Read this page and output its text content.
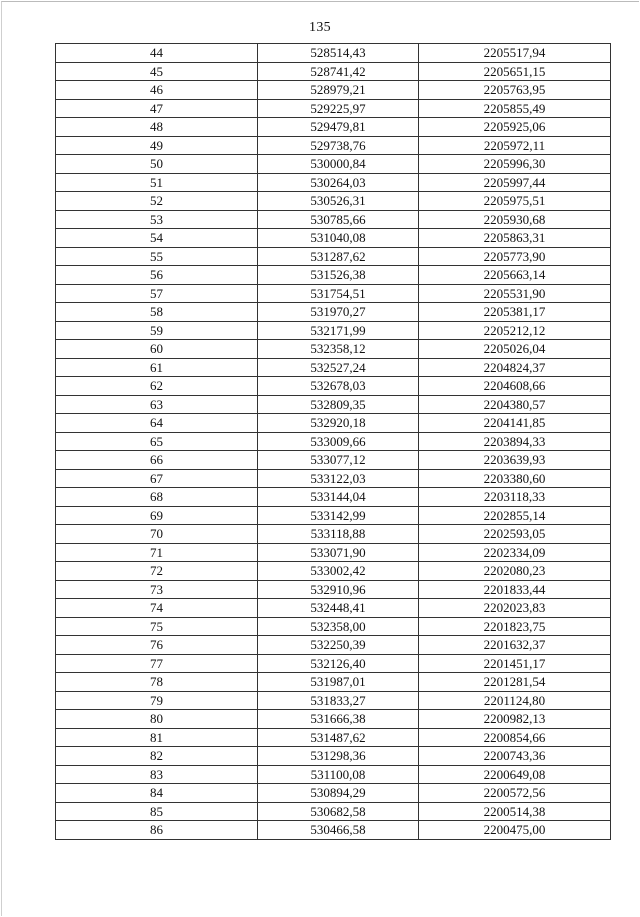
135
44	528514,43	2205517,94
45	528741,42	2205651,15
46	528979,21	2205763,95
47	529225,97	2205855,49
48	529479,81	2205925,06
49	529738,76	2205972,11
50	530000,84	2205996,30
51	530264,03	2205997,44
52	530526,31	2205975,51
53	530785,66	2205930,68
54	531040,08	2205863,31
55	531287,62	2205773,90
56	531526,38	2205663,14
57	531754,51	2205531,90
58	531970,27	2205381,17
59	532171,99	2205212,12
60	532358,12	2205026,04
61	532527,24	2204824,37
62	532678,03	2204608,66
63	532809,35	2204380,57
64	532920,18	2204141,85
65	533009,66	2203894,33
66	533077,12	2203639,93
67	533122,03	2203380,60
68	533144,04	2203118,33
69	533142,99	2202855,14
70	533118,88	2202593,05
71	533071,90	2202334,09
72	533002,42	2202080,23
73	532910,96	2201833,44
74	532448,41	2202023,83
75	532358,00	2201823,75
76	532250,39	2201632,37
77	532126,40	2201451,17
78	531987,01	2201281,54
79	531833,27	2201124,80
80	531666,38	2200982,13
81	531487,62	2200854,66
82	531298,36	2200743,36
83	531100,08	2200649,08
84	530894,29	2200572,56
85	530682,58	2200514,38
86	530466,58	2200475,00
